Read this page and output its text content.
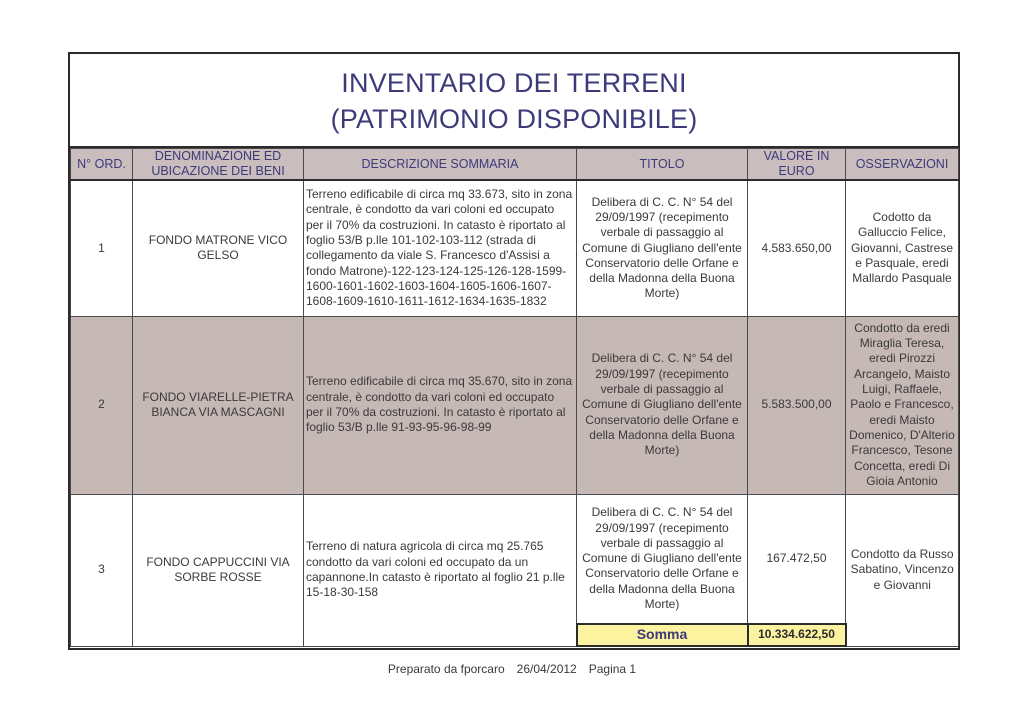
INVENTARIO DEI TERRENI
(PATRIMONIO DISPONIBILE)
N° ORD.	DENOMINAZIONE ED UBICAZIONE DEI BENI	DESCRIZIONE SOMMARIA	TITOLO	VALORE IN EURO	OSSERVAZIONI
1	FONDO MATRONE VICO GELSO	Terreno edificabile di circa mq 33.673, sito in zona centrale, è condotto da vari coloni ed occupato per il 70% da costruzioni. In catasto è riportato al foglio 53/B p.lle 101-102-103-112 (strada di collegamento da viale S. Francesco d'Assisi a fondo Matrone)-122-123-124-125-126-128-1599-1600-1601-1602-1603-1604-1605-1606-1607-1608-1609-1610-1611-1612-1634-1635-1832	Delibera di C. C. N° 54 del 29/09/1997 (recepimento verbale di passaggio al Comune di Giugliano dell'ente Conservatorio delle Orfane e della Madonna della Buona Morte)	4.583.650,00	Codotto da Galluccio Felice, Giovanni, Castrese e Pasquale, eredi Mallardo Pasquale
2	FONDO VIARELLE-PIETRA BIANCA VIA MASCAGNI	Terreno edificabile di circa mq 35.670, sito in zona centrale, è condotto da vari coloni ed occupato per il 70% da costruzioni. In catasto è riportato al foglio 53/B p.lle 91-93-95-96-98-99	Delibera di C. C. N° 54 del 29/09/1997 (recepimento verbale di passaggio al Comune di Giugliano dell'ente Conservatorio delle Orfane e della Madonna della Buona Morte)	5.583.500,00	Condotto da eredi Miraglia Teresa, eredi Pirozzi Arcangelo, Maisto Luigi, Raffaele, Paolo e Francesco, eredi Maisto Domenico, D'Alterio Francesco, Tesone Concetta, eredi Di Gioia Antonio
3	FONDO CAPPUCCINI VIA SORBE ROSSE	Terreno di natura agricola di circa mq 25.765 condotto da vari coloni ed occupato da un capannone.In catasto è riportato al foglio 21 p.lle 15-18-30-158	Delibera di C. C. N° 54 del 29/09/1997 (recepimento verbale di passaggio al Comune di Giugliano dell'ente Conservatorio delle Orfane e della Madonna della Buona Morte)	167.472,50	Condotto da Russo Sabatino, Vincenzo e Giovanni
			Somma	10.334.622,50	
Preparato da fporcaro 26/04/2012 Pagina 1
